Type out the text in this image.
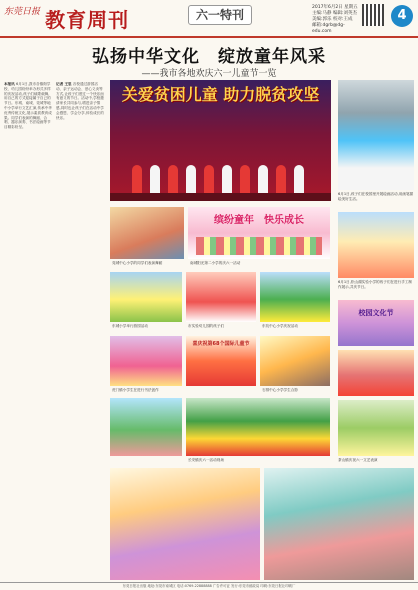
东莞日报 教育周刊	六一特刊
2017年6月2日 星期五 主编:马静 编辑:刘英杰 美编:郭乐 校对:王成 邮箱:dgrb@dg-edu.com
4
弘扬中华文化　绽放童年风采
——我市各地欢庆六一儿童节一览
本报讯 6月1日,我市各镇街学校、幼儿园纷纷举办形式多样的庆祝活动,孩子们载歌载舞,用自己的方式迎接属于自己的节日。东城、南城、莞城等地中小学举行文艺汇演,传承中华优秀传统文化,展示素质教育成果。同学们表演的舞蹈、合唱、器乐演奏、书法绘画等节目精彩纷呈。
记者 王思 各校通过游园活动、亲子运动会、爱心义卖等方式,让孩子们度过一个快乐而有意义的节日。活动中,学校邀请家长共同参与,增进亲子情感,同时也让孩子们在活动中学会感恩、学会分享,体验成长的快乐。
关爱贫困儿童 助力脱贫攻坚
缤纷童年　快乐成长
莞城中心小学的同学们表演舞蹈	南城阳光第二小学的庆六一活动
东城小学举行游园活动	市实验幼儿园的孩子们	东坑中心小学庆祝活动
喜庆祝第68个国际儿童节
虎门镇小学生在进行书法创作	石排中心小学学生合影
长安镇庆六一活动现场
6月1日,孩子们在校园里开展绘画活动,用画笔描绘美好生活。
6月1日,松山湖实验小学的孩子们在进行手工制作展示,共庆节日。
校园文化节
茶山镇庆祝六一文艺表演
东莞日报社出版 地址:东莞市南城区 电话:0769-22888888 广告许可证 发行:东莞市邮政局 印刷:东莞日报社印刷厂
